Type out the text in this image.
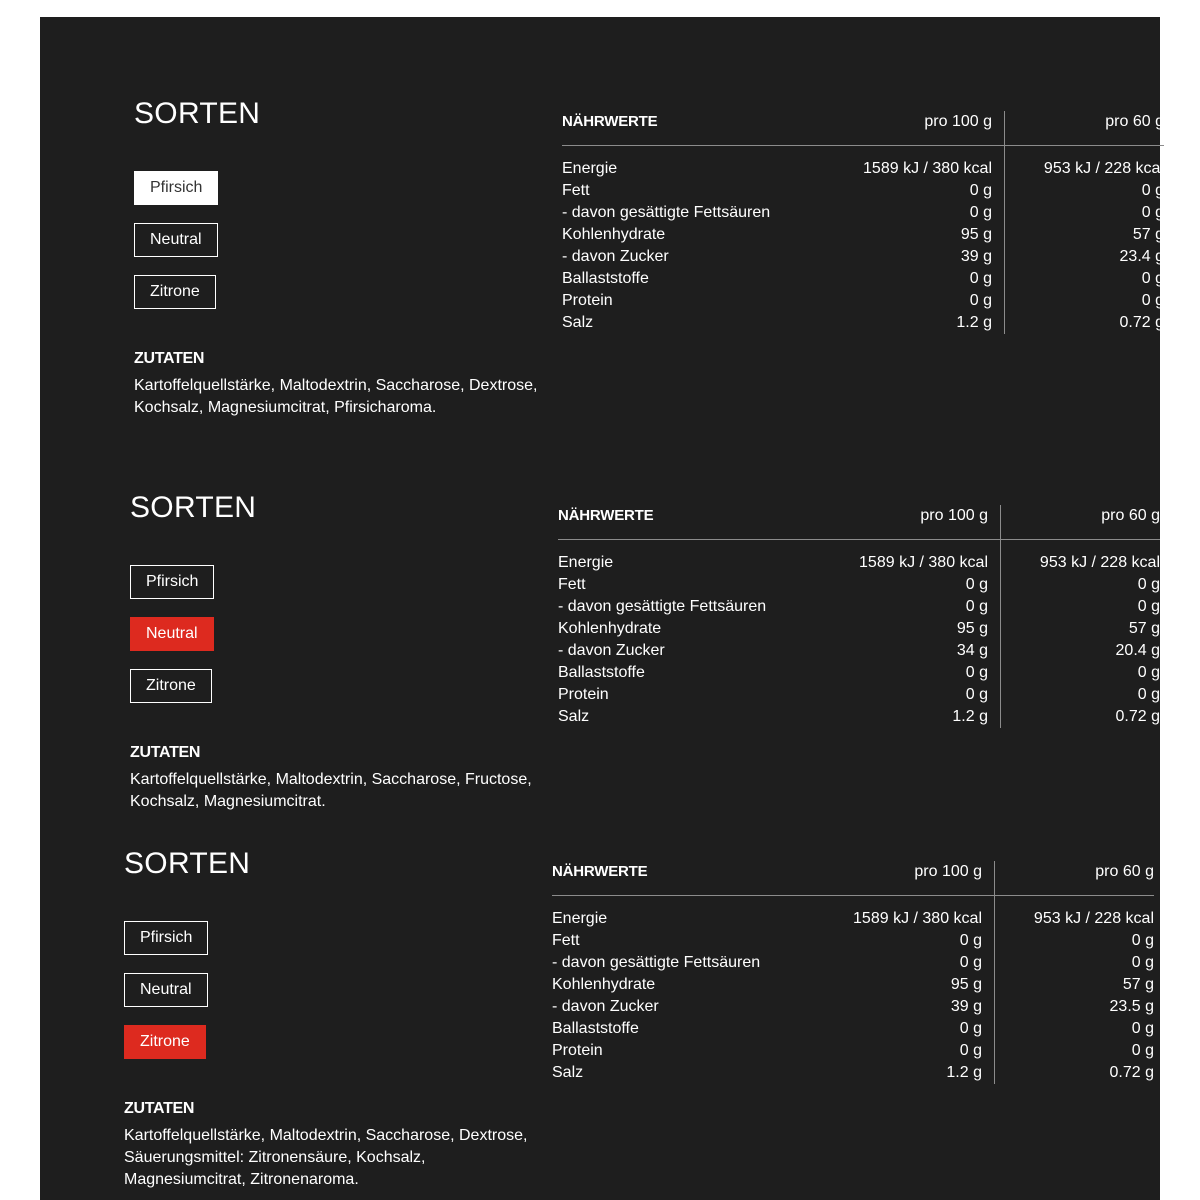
SORTEN
Pfirsich
Neutral
Zitrone
ZUTATEN

Kartoffelquellstärke, Maltodextrin, Saccharose, Dextrose, Kochsalz, Magnesiumcitrat, Pfirsicharoma.

NÄHRWERTE	pro 100 g	pro 60 g
Energie	1589 kJ / 380 kcal	953 kJ / 228 kcal
Fett	0 g	0 g
- davon gesättigte Fettsäuren	0 g	0 g
Kohlenhydrate	95 g	57 g
- davon Zucker	39 g	23.4 g
Ballaststoffe	0 g	0 g
Protein	0 g	0 g
Salz	1.2 g	0.72 g
SORTEN
Pfirsich
Neutral
Zitrone
ZUTATEN

Kartoffelquellstärke, Maltodextrin, Saccharose, Fructose, Kochsalz, Magnesiumcitrat.

NÄHRWERTE	pro 100 g	pro 60 g
Energie	1589 kJ / 380 kcal	953 kJ / 228 kcal
Fett	0 g	0 g
- davon gesättigte Fettsäuren	0 g	0 g
Kohlenhydrate	95 g	57 g
- davon Zucker	34 g	20.4 g
Ballaststoffe	0 g	0 g
Protein	0 g	0 g
Salz	1.2 g	0.72 g
SORTEN
Pfirsich
Neutral
Zitrone
ZUTATEN

Kartoffelquellstärke, Maltodextrin, Saccharose, Dextrose, Säuerungsmittel: Zitronensäure, Kochsalz, Magnesiumcitrat, Zitronenaroma.

NÄHRWERTE	pro 100 g	pro 60 g
Energie	1589 kJ / 380 kcal	953 kJ / 228 kcal
Fett	0 g	0 g
- davon gesättigte Fettsäuren	0 g	0 g
Kohlenhydrate	95 g	57 g
- davon Zucker	39 g	23.5 g
Ballaststoffe	0 g	0 g
Protein	0 g	0 g
Salz	1.2 g	0.72 g
